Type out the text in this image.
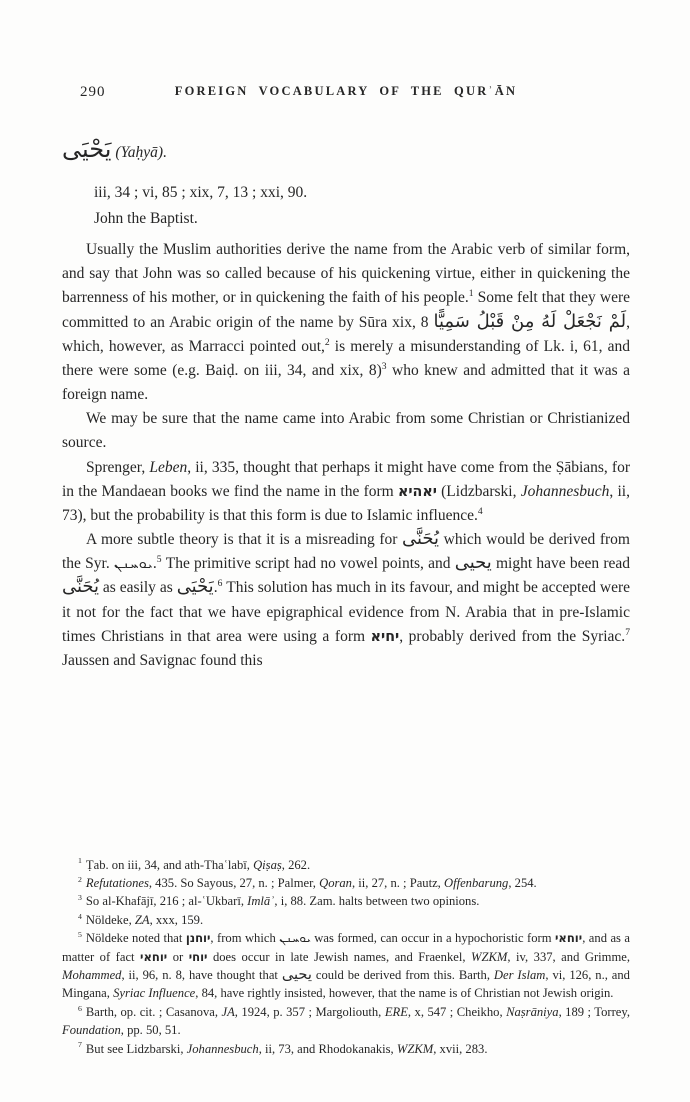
290	FOREIGN VOCABULARY OF THE QURʾĀN
يَحْيَى (Yaḥyā).

iii, 34 ; vi, 85 ; xix, 7, 13 ; xxi, 90.

John the Baptist.

Usually the Muslim authorities derive the name from the Arabic verb of similar form, and say that John was so called because of his quickening virtue, either in quickening the barrenness of his mother, or in quickening the faith of his people.$^1$ Some felt that they were committed to an Arabic origin of the name by Sūra xix, 8 لَمْ نَجْعَلْ لَهُ مِنْ قَبْلُ سَمِيًّا, which, however, as Marracci pointed out,$^2$ is merely a misunderstanding of Lk. i, 61, and there were some (e.g. Baiḍ. on iii, 34, and xix, 8)$^3$ who knew and admitted that it was a foreign name.

We may be sure that the name came into Arabic from some Christian or Christianized source.

Sprenger, Leben, ii, 335, thought that perhaps it might have come from the Ṣābians, for in the Mandaean books we find the name in the form יאהיא (Lidzbarski, Johannesbuch, ii, 73), but the probability is that this form is due to Islamic influence.$^4$

A more subtle theory is that it is a misreading for يُحَنَّى which would be derived from the Syr. ܝܘܚܢܢ.$^5$ The primitive script had no vowel points, and يحيى might have been read يُحَنَّى as easily as يَحْيَى.$^6$ This solution has much in its favour, and might be accepted were it not for the fact that we have epigraphical evidence from N. Arabia that in pre-Islamic times Christians in that area were using a form יחיא, probably derived from the Syriac.$^7$ Jaussen and Savignac found this

$^1$ Ṭab. on iii, 34, and ath-Thaʿlabī, Qiṣaṣ, 262.

$^2$ Refutationes, 435. So Sayous, 27, n. ; Palmer, Qoran, ii, 27, n. ; Pautz, Offenbarung, 254.

$^3$ So al-Khafājī, 216 ; al-ʿUkbarī, Imlāʾ, i, 88. Zam. halts between two opinions.

$^4$ Nöldeke, ZA, xxx, 159.

$^5$ Nöldeke noted that יוחנן, from which ܝܘܚܢܢ was formed, can occur in a hypochoristic form יוחאי, and as a matter of fact יוחאי or יוחי does occur in late Jewish names, and Fraenkel, WZKM, iv, 337, and Grimme, Mohammed, ii, 96, n. 8, have thought that يحيى could be derived from this. Barth, Der Islam, vi, 126, n., and Mingana, Syriac Influence, 84, have rightly insisted, however, that the name is of Christian not Jewish origin.

$^6$ Barth, op. cit. ; Casanova, JA, 1924, p. 357 ; Margoliouth, ERE, x, 547 ; Cheikho, Naṣrāniya, 189 ; Torrey, Foundation, pp. 50, 51.

$^7$ But see Lidzbarski, Johannesbuch, ii, 73, and Rhodokanakis, WZKM, xvii, 283.
